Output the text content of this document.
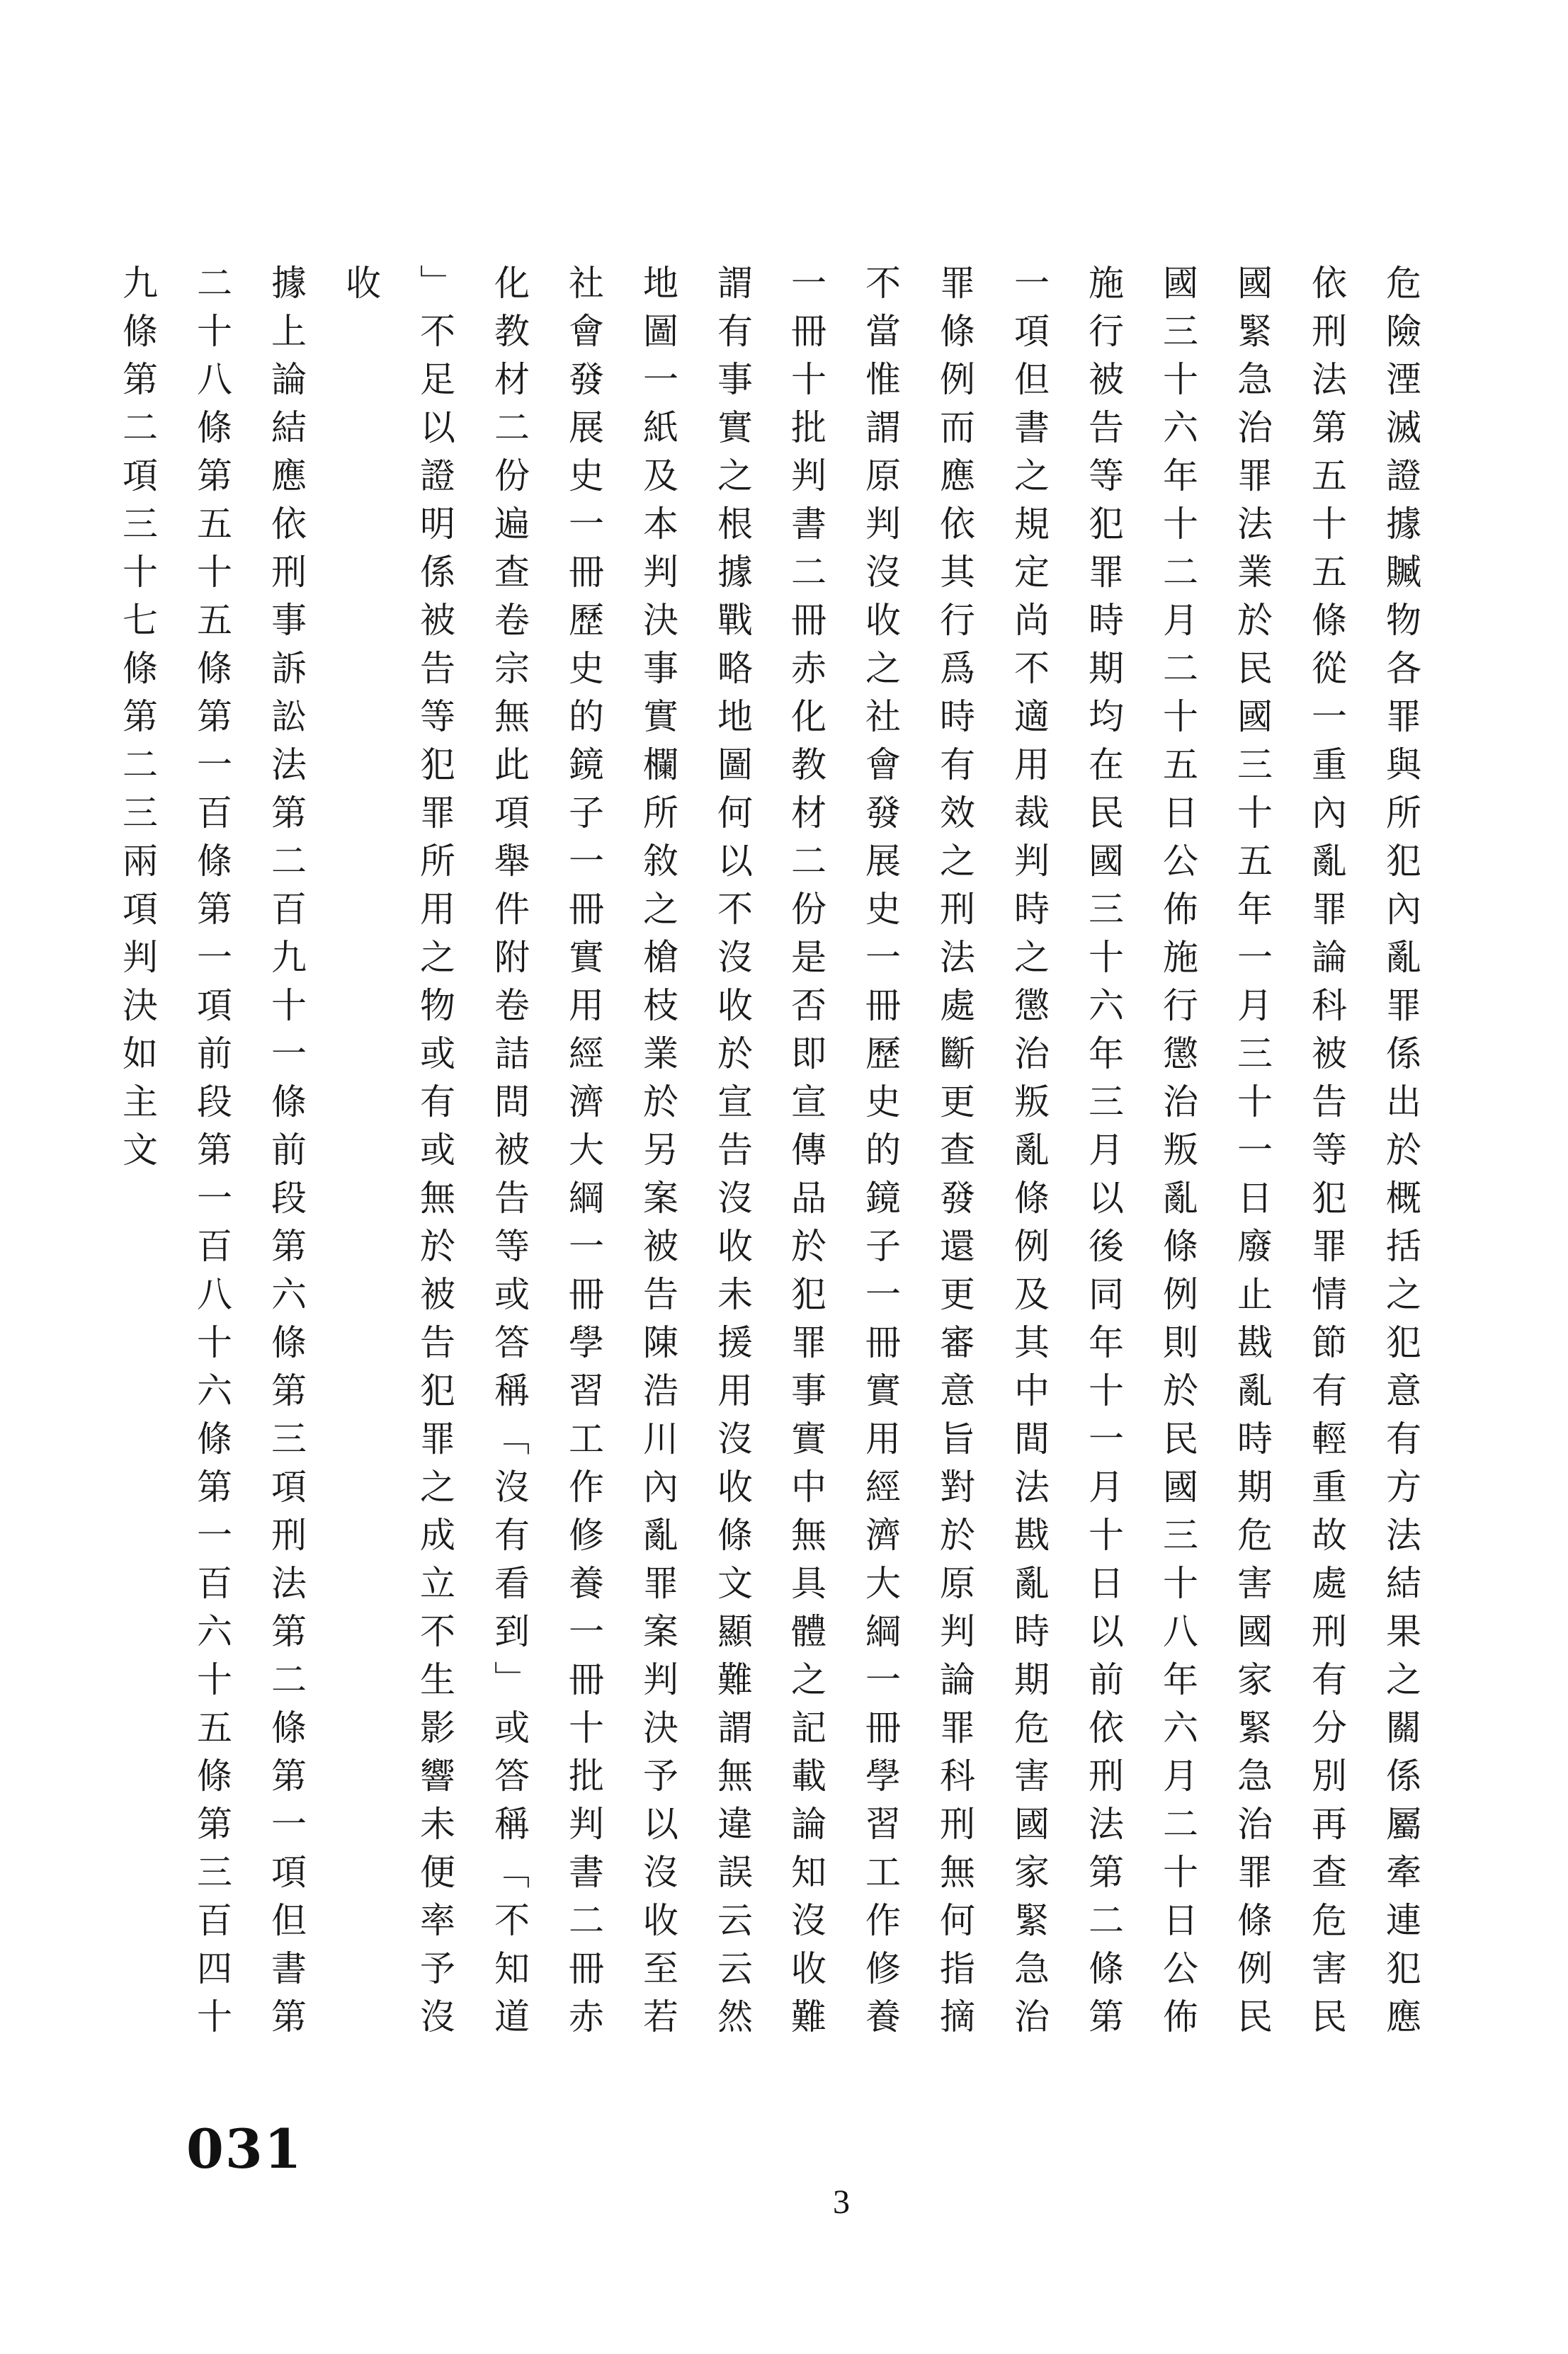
危
險
湮
滅
證
據
贓
物
各
罪
與
所
犯
內
亂
罪
係
出
於
概
括
之
犯
意
有
方
法
結
果
之
關
係
屬
牽
連
犯
應
依
刑
法
第
五
十
五
條
從
一
重
內
亂
罪
論
科
被
告
等
犯
罪
情
節
有
輕
重
故
處
刑
有
分
別
再
查
危
害
民
國
緊
急
治
罪
法
業
於
民
國
三
十
五
年
一
月
三
十
一
日
廢
止
戡
亂
時
期
危
害
國
家
緊
急
治
罪
條
例
民
國
三
十
六
年
十
二
月
二
十
五
日
公
佈
施
行
懲
治
叛
亂
條
例
則
於
民
國
三
十
八
年
六
月
二
十
日
公
佈
施
行
被
告
等
犯
罪
時
期
均
在
民
國
三
十
六
年
三
月
以
後
同
年
十
一
月
十
日
以
前
依
刑
法
第
二
條
第
一
項
但
書
之
規
定
尚
不
適
用
裁
判
時
之
懲
治
叛
亂
條
例
及
其
中
間
法
戡
亂
時
期
危
害
國
家
緊
急
治
罪
條
例
而
應
依
其
行
爲
時
有
效
之
刑
法
處
斷
更
查
發
還
更
審
意
旨
對
於
原
判
論
罪
科
刑
無
何
指
摘
不
當
惟
謂
原
判
沒
收
之
社
會
發
展
史
一
冊
歷
史
的
鏡
子
一
冊
實
用
經
濟
大
綱
一
冊
學
習
工
作
修
養
一
冊
十
批
判
書
二
冊
赤
化
教
材
二
份
是
否
即
宣
傳
品
於
犯
罪
事
實
中
無
具
體
之
記
載
論
知
沒
收
難
謂
有
事
實
之
根
據
戰
略
地
圖
何
以
不
沒
收
於
宣
告
沒
收
未
援
用
沒
收
條
文
顯
難
謂
無
違
誤
云
云
然
地
圖
一
紙
及
本
判
決
事
實
欄
所
敘
之
槍
枝
業
於
另
案
被
告
陳
浩
川
內
亂
罪
案
判
決
予
以
沒
收
至
若
社
會
發
展
史
一
冊
歷
史
的
鏡
子
一
冊
實
用
經
濟
大
綱
一
冊
學
習
工
作
修
養
一
冊
十
批
判
書
二
冊
赤
化
教
材
二
份
遍
查
卷
宗
無
此
項
舉
件
附
卷
詰
問
被
告
等
或
答
稱
﹁
沒
有
看
到
﹂
或
答
稱
﹁
不
知
道
﹂
不
足
以
證
明
係
被
告
等
犯
罪
所
用
之
物
或
有
或
無
於
被
告
犯
罪
之
成
立
不
生
影
響
未
便
率
予
沒
收
據
上
論
結
應
依
刑
事
訴
訟
法
第
二
百
九
十
一
條
前
段
第
六
條
第
三
項
刑
法
第
二
條
第
一
項
但
書
第
二
十
八
條
第
五
十
五
條
第
一
百
條
第
一
項
前
段
第
一
百
八
十
六
條
第
一
百
六
十
五
條
第
三
百
四
十
九
條
第
二
項
三
十
七
條
第
二
三
兩
項
判
決
如
主
文
031
3
